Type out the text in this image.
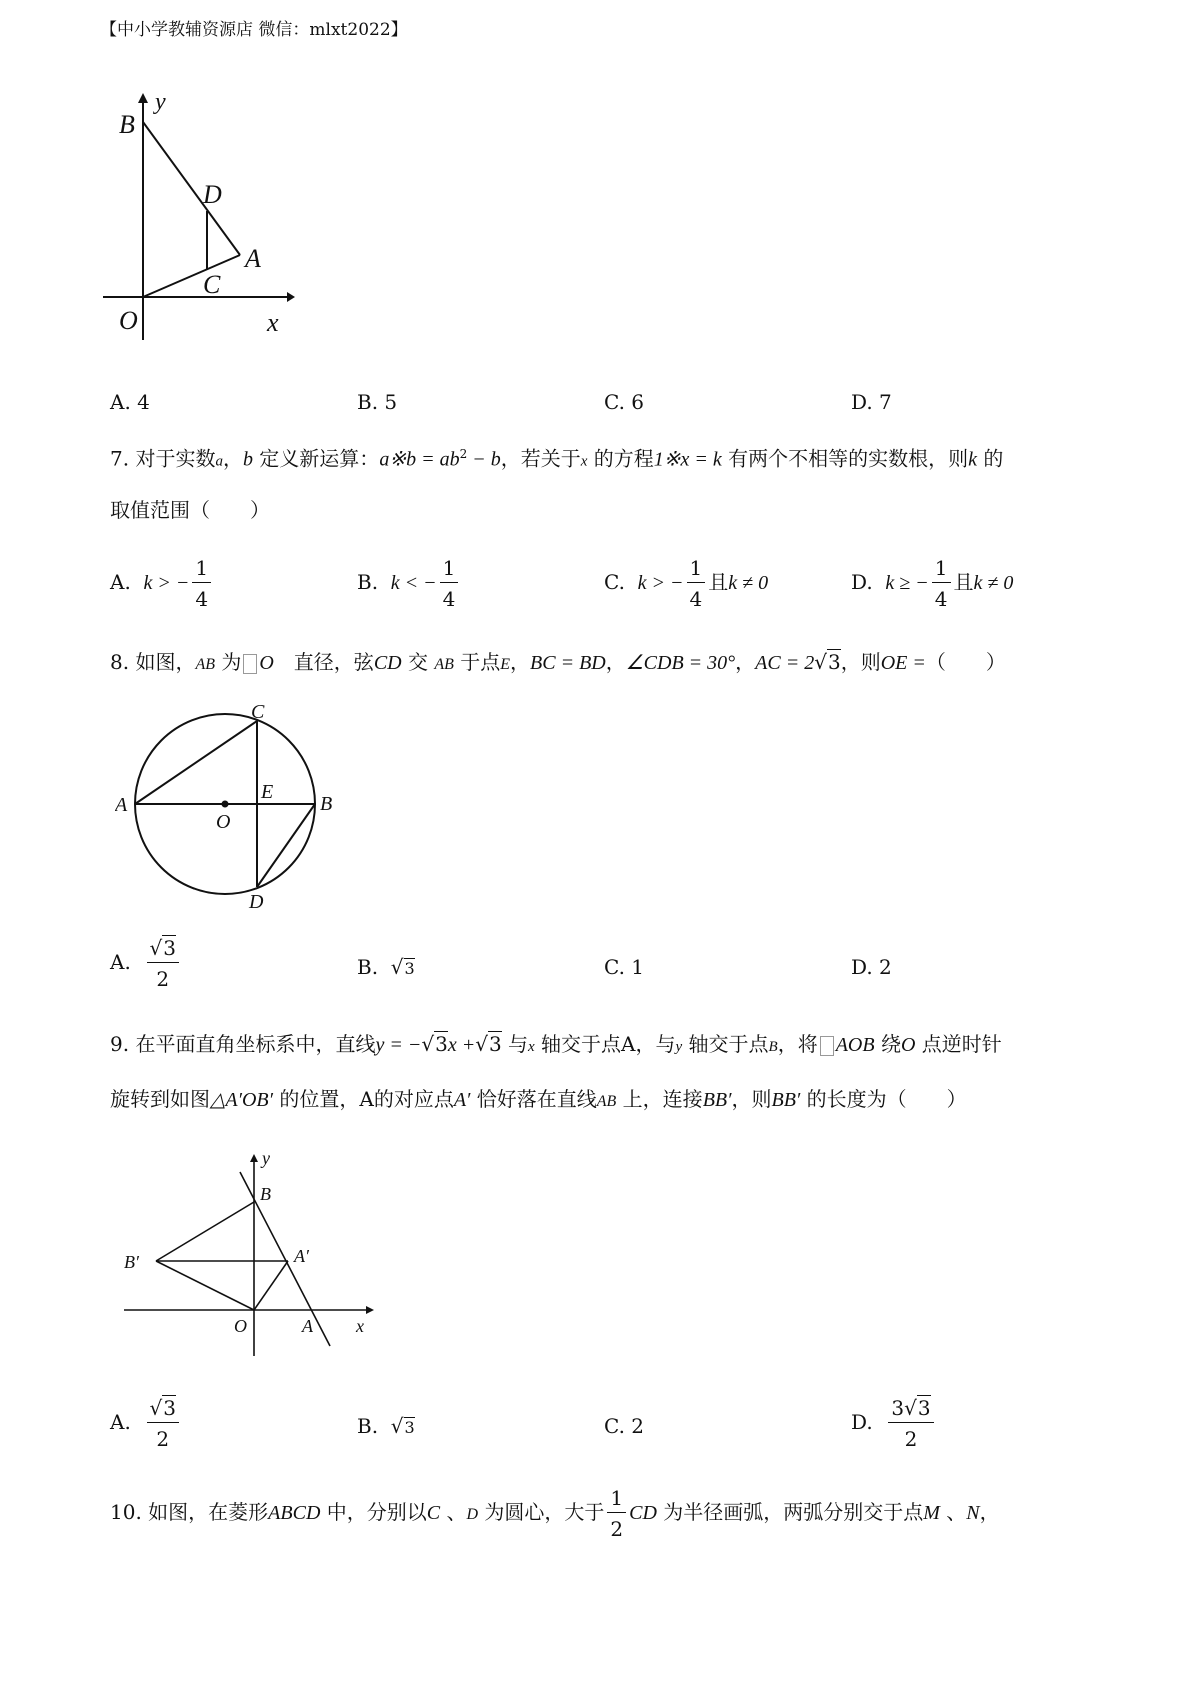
【中小学教辅资源店 微信：mlxt2022】
y
B
D
A
C
O	x
A. 4	B. 5	C. 6	D. 7
7. 对于实数a，b 定义新运算：a※b = $ab^2 - b$，若关于x 的方程1※x = k 有两个不相等的实数根，则k 的
取值范围（　　）
A. k > − $\frac{1}{4}$	B. k < − $\frac{1}{4}$	C. k > − $\frac{1}{4}$ 且k ≠ 0	D. k ≥ − $\frac{1}{4}$ 且k ≠ 0
8. 如图，AB 为 O　直径，弦CD 交 AB 于点E，BC = BD，∠CDB = 30°，AC = 2√3，则OE =（　　）
C
A
O
E
B
D
A. $\frac{√3}{2}$	B. √3	C. 1	D. 2
9. 在平面直角坐标系中，直线y = −√3x +√3 与x 轴交于点A，与y 轴交于点B，将 AOB 绕O 点逆时针
旋转到如图△A′OB′ 的位置，A的对应点A′ 恰好落在直线AB 上，连接BB′，则BB′ 的长度为（　　）
y
B
B′	A′
O	A x
A. $\frac{√3}{2}$	B. √3	C. 2	D. $\frac{3√3}{2}$
10. 如图，在菱形ABCD 中，分别以C 、D 为圆心，大于 $\frac{1}{2}$ CD 为半径画弧，两弧分别交于点M 、N，
